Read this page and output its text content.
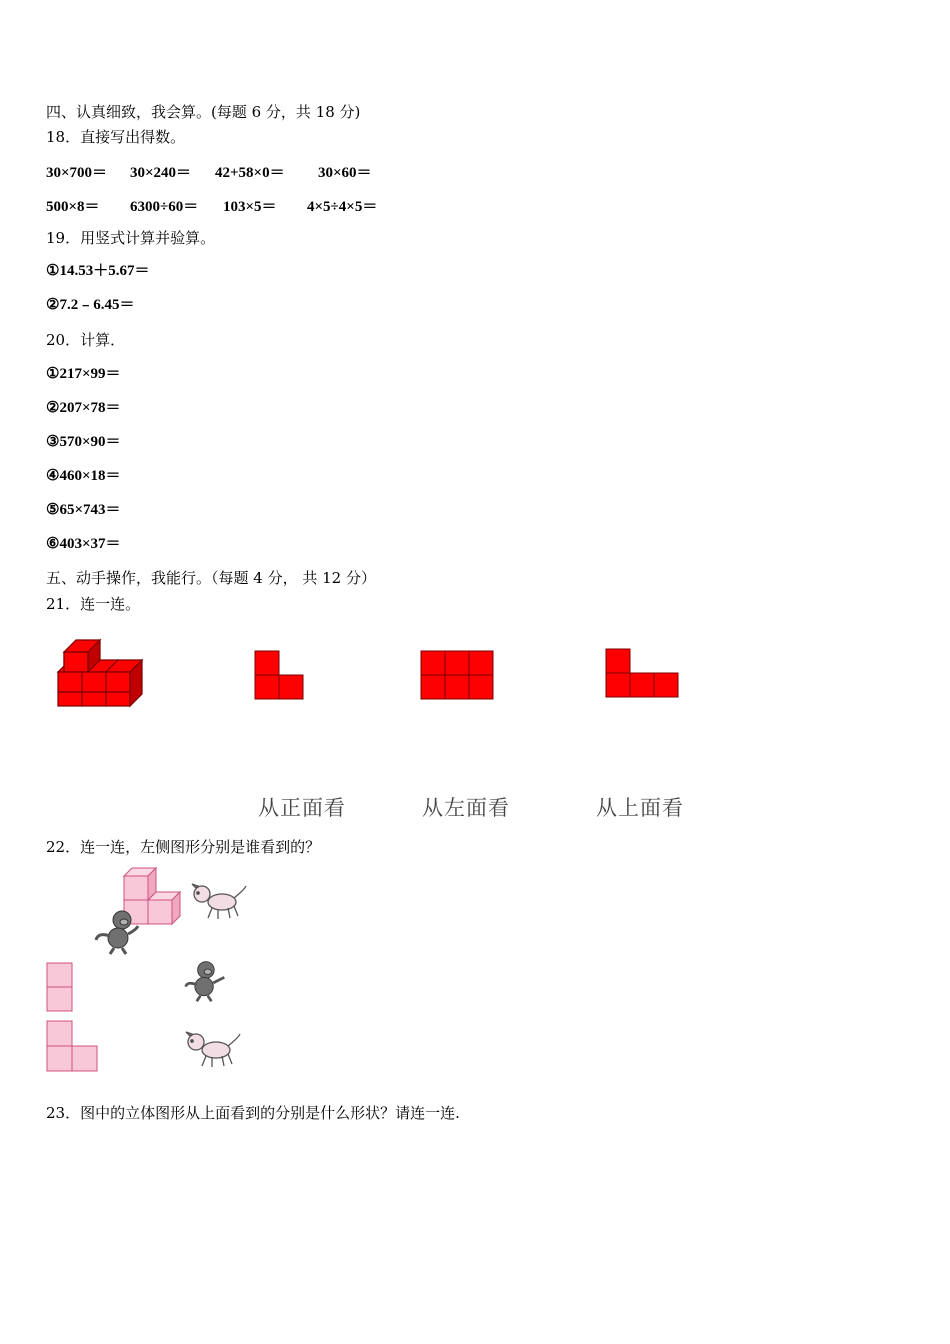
四、认真细致，我会算。(每题 6 分，共 18 分)
18．直接写出得数。
30×700＝ 30×240＝ 42+58×0＝ 30×60＝
500×8＝ 6300÷60＝ 103×5＝ 4×5÷4×5＝
19．用竖式计算并验算。
①14.53＋5.67＝
②7.2﹣6.45＝
20．计算．
①217×99＝
②207×78＝
③570×90＝
④460×18＝
⑤65×743＝
⑥403×37＝
五、动手操作，我能行。（每题 4 分， 共 12 分）
21．连一连。
从正面看	从左面看	从上面看
22．连一连，左侧图形分别是谁看到的？
23．图中的立体图形从上面看到的分别是什么形状？请连一连.
